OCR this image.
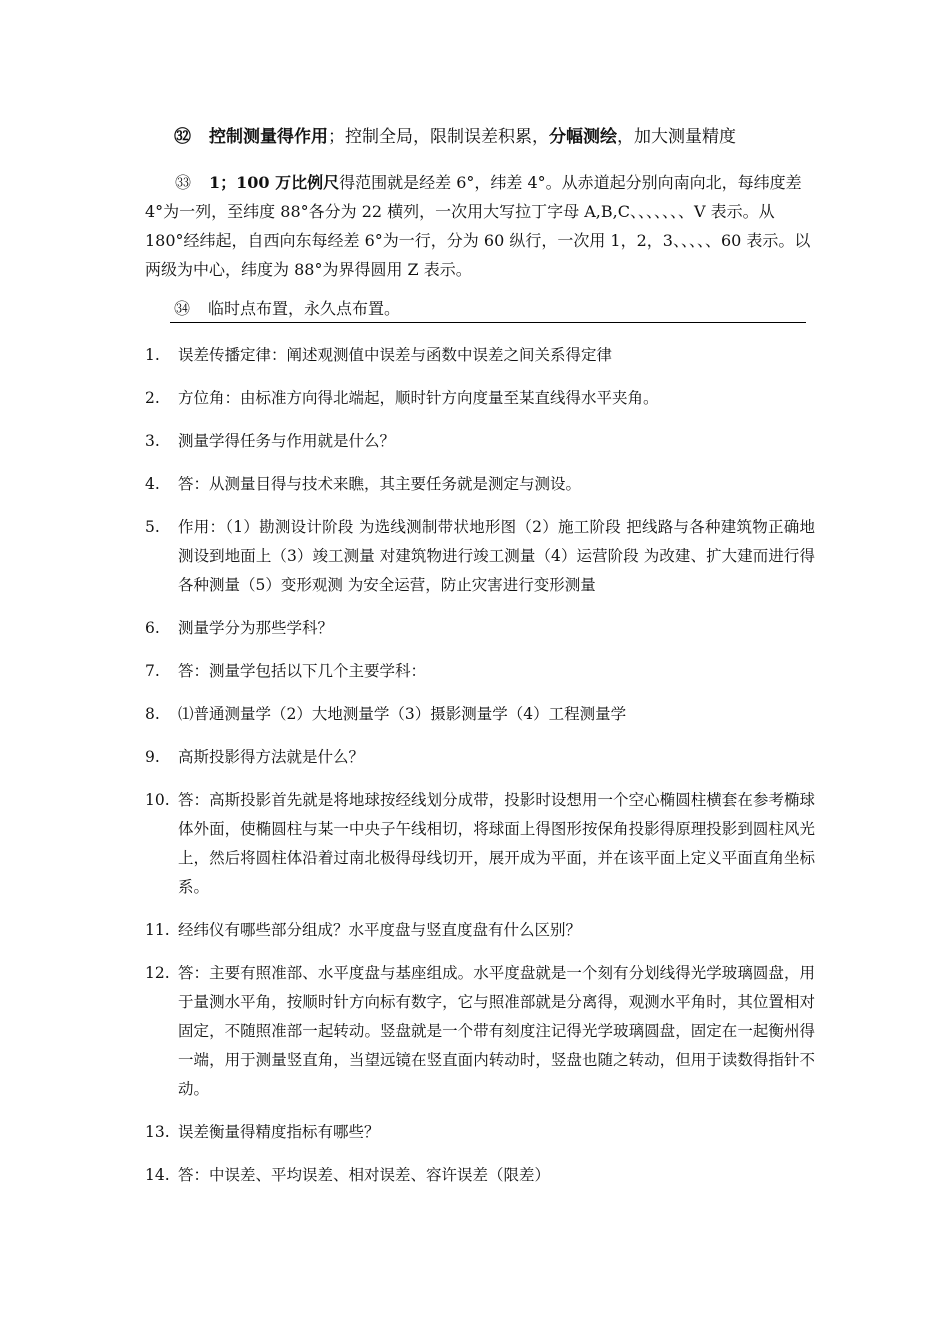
㉜ 控制测量得作用；控制全局，限制误差积累，分幅测绘，加大测量精度
㉝ 1；100 万比例尺得范围就是经差 6°，纬差 4°。从赤道起分别向南向北，每纬度差 4°为一列，至纬度 88°各分为 22 横列，一次用大写拉丁字母 A,B,C、、、、、、、V 表示。从 180°经纬起，自西向东每经差 6°为一行，分为 60 纵行，一次用 1，2，3、、、、、60 表示。以两级为中心，纬度为 88°为界得圆用 Z 表示。
㉞ 临时点布置，永久点布置。
1.	误差传播定律：阐述观测值中误差与函数中误差之间关系得定律
2.	方位角：由标准方向得北端起，顺时针方向度量至某直线得水平夹角。
3.	测量学得任务与作用就是什么？
4.	答：从测量目得与技术来瞧，其主要任务就是测定与测设。
5.	作用：（1）勘测设计阶段 为选线测制带状地形图（2）施工阶段 把线路与各种建筑物正确地测设到地面上（3）竣工测量 对建筑物进行竣工测量（4）运营阶段 为改建、扩大建而进行得各种测量（5）变形观测 为安全运营，防止灾害进行变形测量
6.	测量学分为那些学科？
7.	答：测量学包括以下几个主要学科：
8.	⑴普通测量学（2）大地测量学（3）摄影测量学（4）工程测量学
9.	高斯投影得方法就是什么？
10. 答：高斯投影首先就是将地球按经线划分成带，投影时设想用一个空心椭圆柱横套在参考椭球体外面，使椭圆柱与某一中央子午线相切，将球面上得图形按保角投影得原理投影到圆柱风光上，然后将圆柱体沿着过南北极得母线切开，展开成为平面，并在该平面上定义平面直角坐标系。
11. 经纬仪有哪些部分组成？水平度盘与竖直度盘有什么区别？
12. 答：主要有照准部、水平度盘与基座组成。水平度盘就是一个刻有分划线得光学玻璃圆盘，用于量测水平角，按顺时针方向标有数字，它与照准部就是分离得，观测水平角时，其位置相对固定，不随照准部一起转动。竖盘就是一个带有刻度注记得光学玻璃圆盘，固定在一起衡州得一端，用于测量竖直角，当望远镜在竖直面内转动时，竖盘也随之转动，但用于读数得指针不动。
13. 误差衡量得精度指标有哪些？
14. 答：中误差、平均误差、相对误差、容许误差（限差）
